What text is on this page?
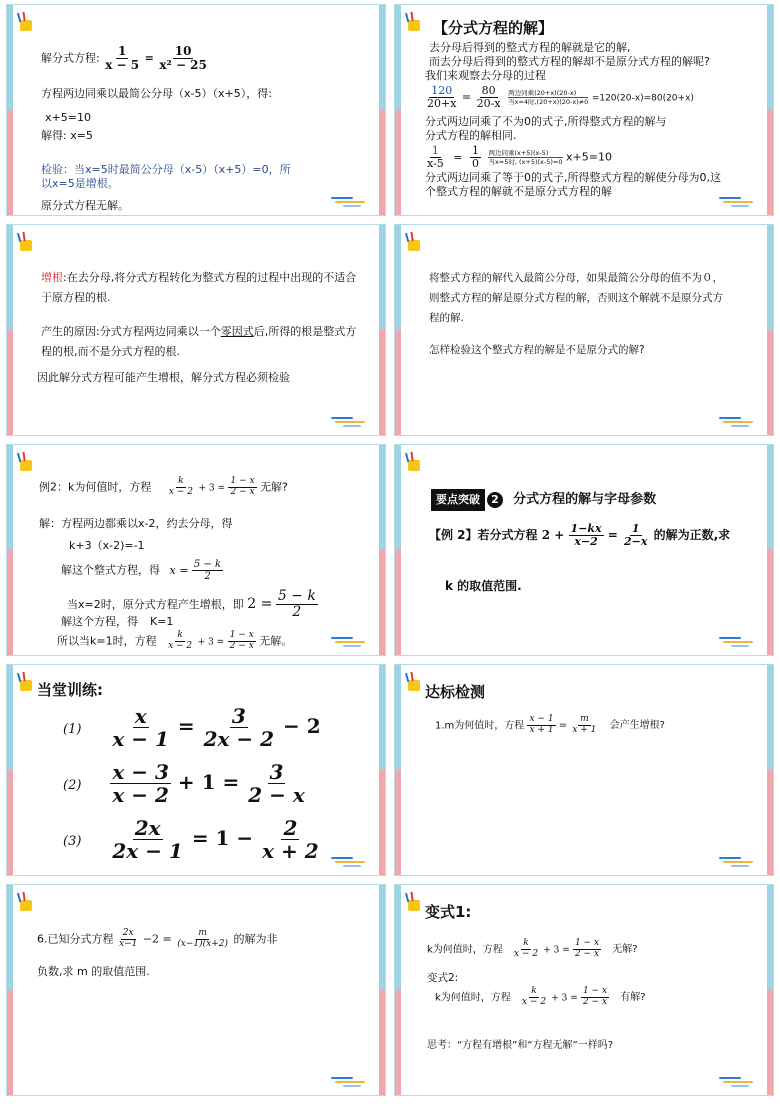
解分式方程: $\frac{1}{x - 5} = \frac{10}{\text{x² − 25}}$
方程两边同乘以最简公分母（x-5）（x+5），得:
x+5=10
解得: x=5
检验：当x=5时最简公分母（x-5）（x+5）=0，所
以x=5是增根。
原分式方程无解。
【分式方程的解】
去分母后得到的整式方程的解就是它的解,
而去分母后得到的整式方程的解却不是原分式方程的解呢?
我们来观察去分母的过程
$\frac{120}{20+x} = \frac{80}{20-x}$
两边同乘(20+x)(20-x)
当x=4时,(20+x)(20-x)≠0 =120(20-x)=80(20+x)
分式两边同乘了不为0的式子,所得整式方程的解与
分式方程的解相同.
$\frac{1}{x-5} = \frac{1}{0}$
两边同乘(x+5)(x-5)
当x=5时, (x+5)(x-5)=0 x+5=10
分式两边同乘了等于0的式子,所得整式方程的解使分母为0,这
个整式方程的解就不是原分式方程的解
增根:在去分母,将分式方程转化为整式方程的过程中出现的不适合
于原方程的根.
产生的原因:分式方程两边同乘以一个零因式后,所得的根是整式方
程的根,而不是分式方程的根.
因此解分式方程可能产生增根，解分式方程必须检验
将整式方程的解代入最简公分母，如果最简公分母的值不为０，
则整式方程的解是原分式方程的解，否则这个解就不是原分式方
程的解.
怎样检验这个整式方程的解是不是原分式的解?
例2：k为何值时，方程 $\frac{k}{x - 2} + 3 = \frac{1 - x}{2 - x}$ 无解?
解：方程两边都乘以x-2，约去分母，得
k+3（x-2)=-1
解这个整式方程，得 $x = \frac{5 - k}{2}$
当x=2时，原分式方程产生增根，即 $2 = \frac{5 - k}{2}$
解这个方程，得 K=1
所以当k=1时，方程 $\frac{k}{x - 2} + 3 = \frac{1 - x}{2 - x}$ 无解。
要点突破 2 分式方程的解与字母参数
【例 2】若分式方程 $2 + \frac{1-kx}{x-2} = \frac{1}{2-x}$ 的解为正数,求
k 的取值范围.
当堂训练:
$(1) \frac{x}{x - 1} = \frac{3}{2x - 2} - 2$
$(2) \frac{x - 3}{x - 2} + 1 = \frac{3}{2 - x}$
$(3) \frac{2x}{2x - 1} = 1 - \frac{2}{x + 2}$
达标检测
1.m为何值时，方程 $\frac{x - 1}{x + 1} = \frac{m}{x + 1}$ 会产生增根?
6.已知分式方程 $\frac{2x}{x-1} -2 = \frac{m}{(x-1)(x+2)}$ 的解为非
负数,求 m 的取值范围.
变式1:
k为何值时，方程 $\frac{k}{x - 2} + 3 = \frac{1 - x}{2 - x}$ 无解?
变式2:
k为何值时，方程 $\frac{k}{x - 2} + 3 = \frac{1 - x}{2 - x}$ 有解?
思考：“方程有增根”和“方程无解”一样吗?
